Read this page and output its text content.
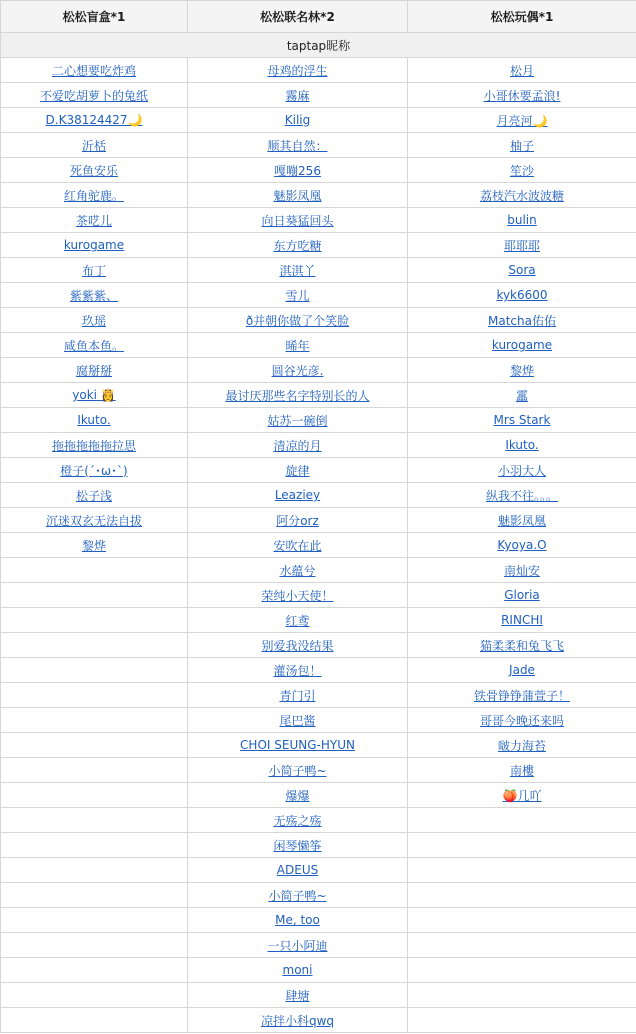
松松盲盒*1	松松联名林*2	松松玩偶*1
taptap昵称		
二心想要吃炸鸡	母鸡的浮生	松月
不爱吃胡萝卜的兔纸	霧麻	小哥休要孟浪!
D.K38124427🌙	Kilig	月亮河🌙
沂栝	顺其自然：	柚子
死鱼安乐	嘎嘣256	笙沙
红角驼鹿。	魅影凤凰	荔枝汽水波波糖
茶呓儿	向日葵猛回头	bulin
kurogame	东方吃糖	耶耶耶
布丁	淇淇丫	Sora
紫紫紫、	雪儿	kyk6600
玖瑶	ð并朝你做了个笑脸	Matcha佑佑
咸鱼本鱼。	晞年	kurogame
腐掰掰	圆谷光彦.	黎烨
yoki 👸	最讨厌那些名字特别长的人	靁
Ikuto.	姑苏一碗倒	Mrs Stark
拖拖拖拖拖拉思	清凉的月	Ikuto.
橙子(´･ω･`)	旋律	小羽大人
松子浅	Leaziey	纵我不往。。。
沉迷双玄无法自拔	阿分orz	魅影凤凰
黎烨	安吹在此	Kyoya.O
	水蕴兮	南灿安
	荣纯小天使！	Gloria
	红鸢	RINCHI
	别爱我没结果	猫柔柔和兔飞飞
	灌汤包！	Jade
	青门引	铁骨铮铮蒲萱子！
	尾巴酱	哥哥今晚还来吗
	CHOI SEUNG-HYUN	啵力海苔
	小简子鸭~	南樓
	爆爆	🍑几吖
	无殇之殇	
	闲琴懒筝	
	ADEUS	
	小简子鸭~	
	Me, too	
	一只小阿迪	
	moni	
	肆塘	
	凉拌小科qwq	
